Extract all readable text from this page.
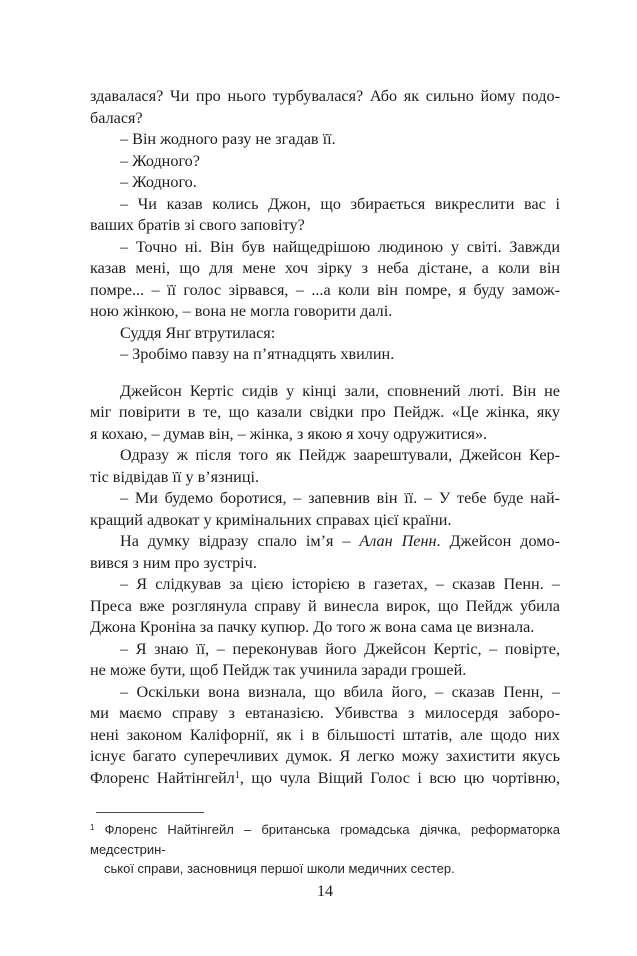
здавалася? Чи про нього турбувалася? Або як сильно йому подо-
балася?
– Він жодного разу не згадав її.
– Жодного?
– Жодного.
– Чи казав колись Джон, що збирається викреслити вас і
ваших братів зі свого заповіту?
– Точно ні. Він був найщедрішою людиною у світі. Завжди
казав мені, що для мене хоч зірку з неба дістане, а коли він
помре... – її голос зірвався, – ...а коли він помре, я буду замож-
ною жінкою, – вона не могла говорити далі.
Суддя Янґ втрутилася:
– Зробімо павзу на п’ятнадцять хвилин.
Джейсон Кертіс сидів у кінці зали, сповнений люті. Він не
міг повірити в те, що казали свідки про Пейдж. «Це жінка, яку
я кохаю, – думав він, – жінка, з якою я хочу одружитися».
Одразу ж після того як Пейдж заарештували, Джейсон Кер-
тіс відвідав її у в’язниці.
– Ми будемо боротися, – запевнив він її. – У тебе буде най-
кращий адвокат у кримінальних справах цієї країни.
На думку відразу спало ім’я – Алан Пенн. Джейсон домо-
вився з ним про зустріч.
– Я слідкував за цією історією в газетах, – сказав Пенн. –
Преса вже розглянула справу й винесла вирок, що Пейдж убила
Джона Кроніна за пачку купюр. До того ж вона сама це визнала.
– Я знаю її, – переконував його Джейсон Кертіс, – повірте,
не може бути, щоб Пейдж так учинила заради грошей.
– Оскільки вона визнала, що вбила його, – сказав Пенн, –
ми маємо справу з евтаназією. Убивства з милосердя заборо-
нені законом Каліфорнії, як і в більшості штатів, але щодо них
існує багато суперечливих думок. Я легко можу захистити якусь
Флоренс Найтінгейл$^1$, що чула Віщий Голос і всю цю чортівню,
$^1$ Флоренс Найтінгейл – британська громадська діячка, реформаторка медсестрин-
ської справи, засновниця першої школи медичних сестер.
14
